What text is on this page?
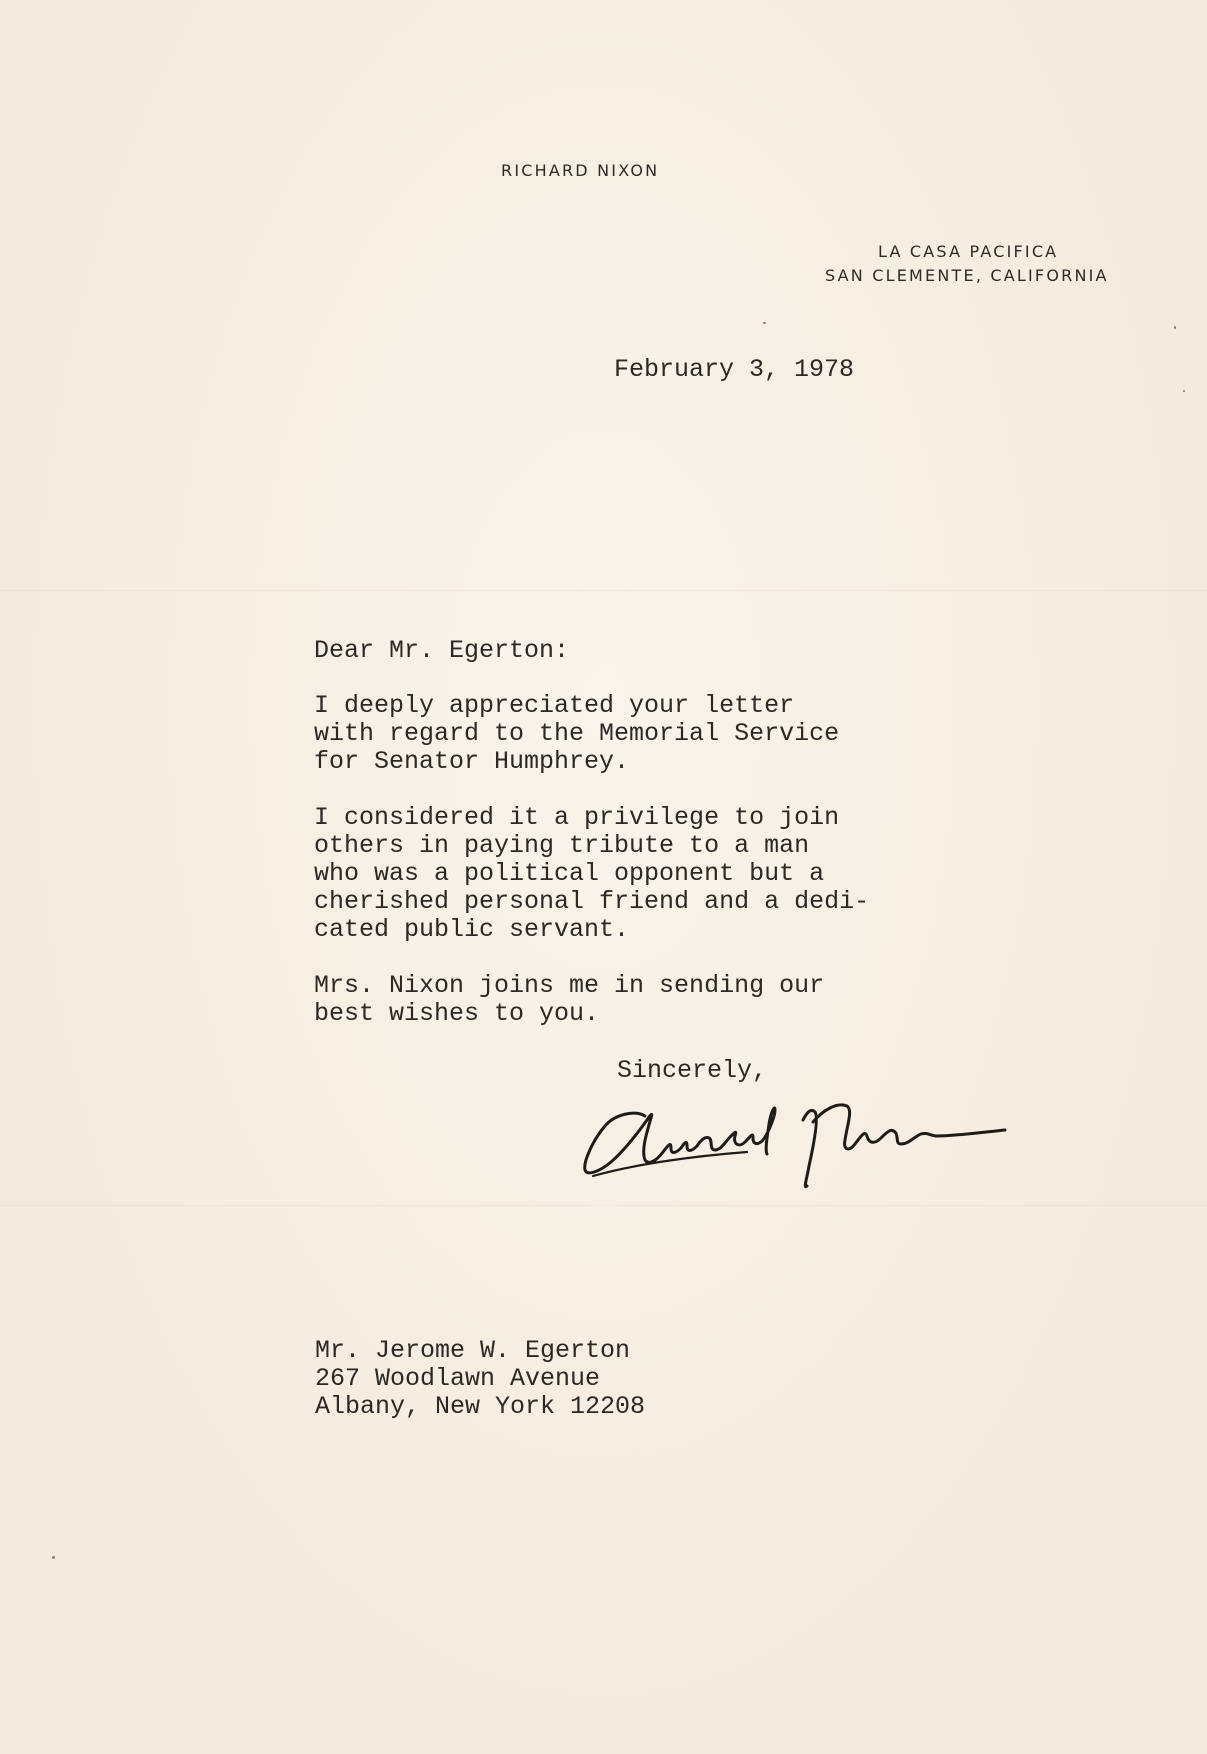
RICHARD NIXON
LA CASA PACIFICA
SAN CLEMENTE, CALIFORNIA
February 3, 1978
Dear Mr. Egerton:
I deeply appreciated your letter
with regard to the Memorial Service
for Senator Humphrey.
I considered it a privilege to join
others in paying tribute to a man
who was a political opponent but a
cherished personal friend and a dedi-
cated public servant.
Mrs. Nixon joins me in sending our
best wishes to you.
Sincerely,
Mr. Jerome W. Egerton
267 Woodlawn Avenue
Albany, New York 12208
